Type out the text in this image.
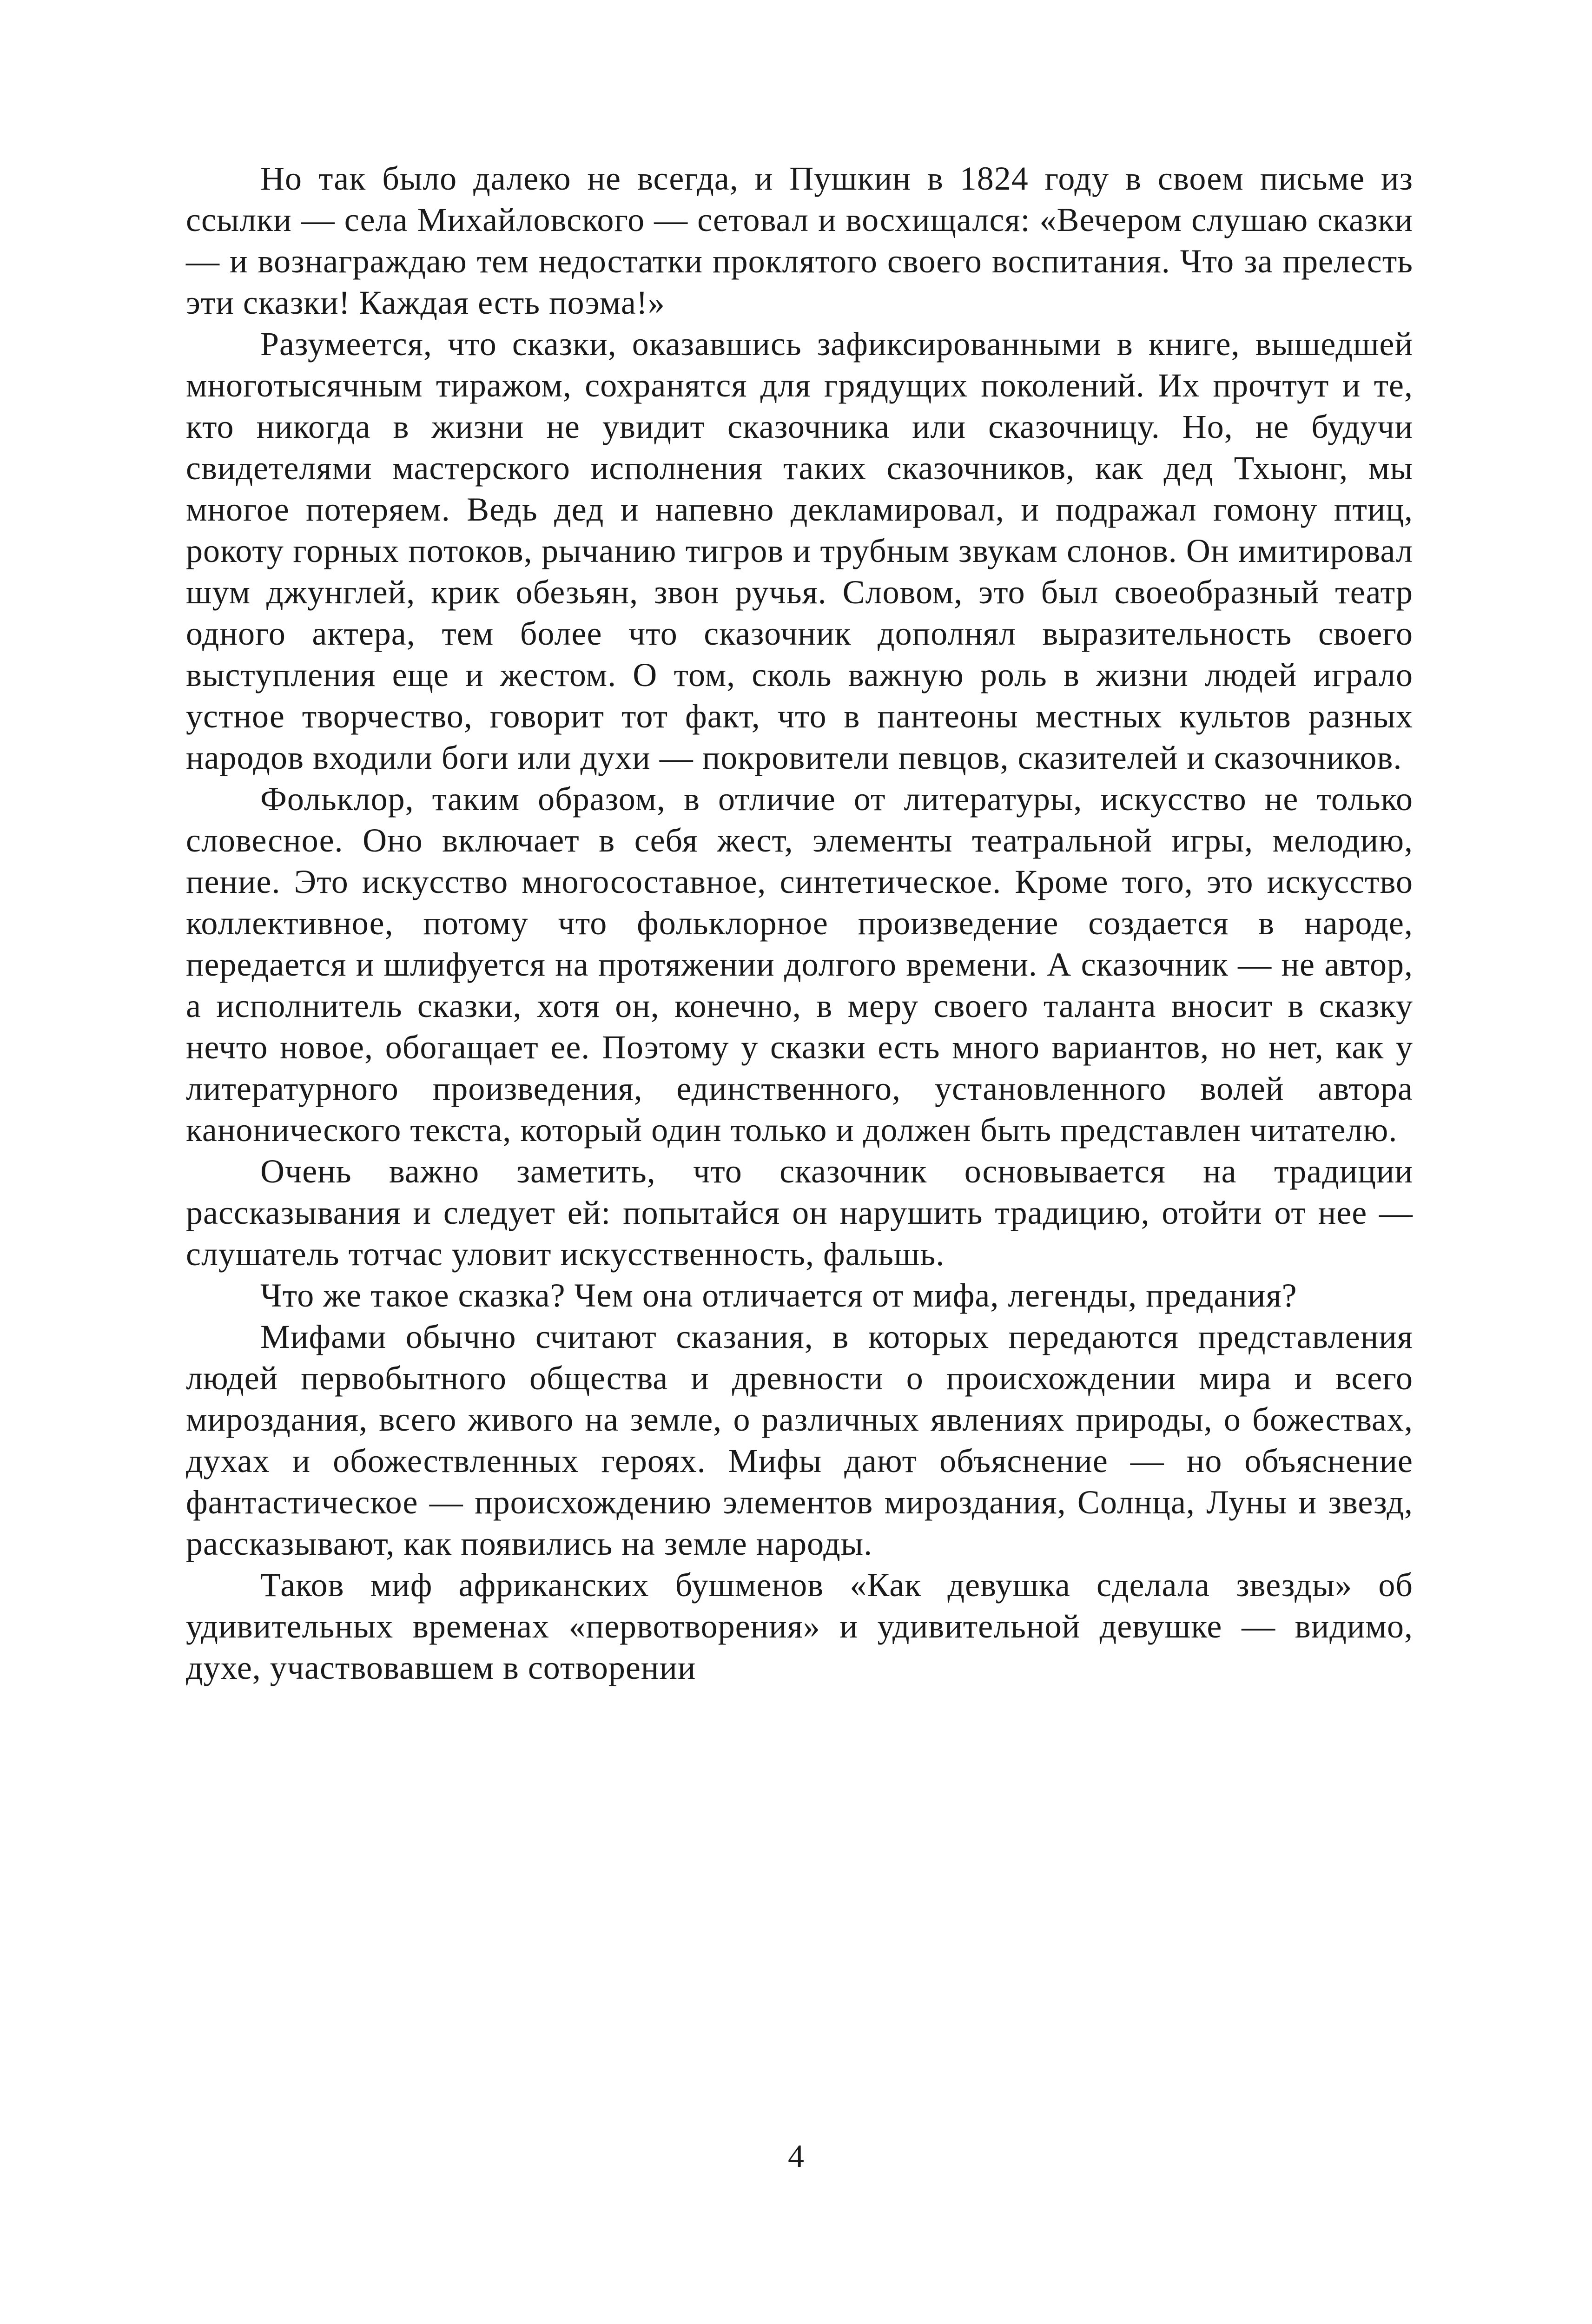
Но так было далеко не всегда, и Пушкин в 1824 году в своем письме из ссылки — села Михайловского — сетовал и восхищался: «Вечером слушаю сказки — и вознаграждаю тем недостатки проклятого своего воспитания. Что за прелесть эти сказки! Каждая есть поэма!»

Разумеется, что сказки, оказавшись зафиксированными в книге, вышедшей многотысячным тиражом, сохранятся для грядущих поколений. Их прочтут и те, кто никогда в жизни не увидит сказочника или сказочницу. Но, не будучи свидетелями мастерского исполнения таких сказочников, как дед Тхыонг, мы многое потеряем. Ведь дед и напевно декламировал, и подражал гомону птиц, рокоту горных потоков, рычанию тигров и трубным звукам слонов. Он имитировал шум джунглей, крик обезьян, звон ручья. Словом, это был своеобразный театр одного актера, тем более что сказочник дополнял выразительность своего выступления еще и жестом. О том, сколь важную роль в жизни людей играло устное творчество, говорит тот факт, что в пантеоны местных культов разных народов входили боги или духи — покровители певцов, сказителей и сказочников.

Фольклор, таким образом, в отличие от литературы, искусство не только словесное. Оно включает в себя жест, элементы театральной игры, мелодию, пение. Это искусство многосоставное, синтетическое. Кроме того, это искусство коллективное, потому что фольклорное произведение создается в народе, передается и шлифуется на протяжении долгого времени. А сказочник — не автор, а исполнитель сказки, хотя он, конечно, в меру своего таланта вносит в сказку нечто новое, обогащает ее. Поэтому у сказки есть много вариантов, но нет, как у литературного произведения, единственного, установленного волей автора канонического текста, который один только и должен быть представлен читателю.

Очень важно заметить, что сказочник основывается на традиции рассказывания и следует ей: попытайся он нарушить традицию, отойти от нее — слушатель тотчас уловит искусственность, фальшь.

Что же такое сказка? Чем она отличается от мифа, легенды, предания?

Мифами обычно считают сказания, в которых передаются представления людей первобытного общества и древности о происхождении мира и всего мироздания, всего живого на земле, о различных явлениях природы, о божествах, духах и обожествленных героях. Мифы дают объяснение — но объяснение фантастическое — происхождению элементов мироздания, Солнца, Луны и звезд, рассказывают, как появились на земле народы.

Таков миф африканских бушменов «Как девушка сделала звезды» об удивительных временах «первотворения» и удивительной девушке — видимо, духе, участвовавшем в сотворении

4
